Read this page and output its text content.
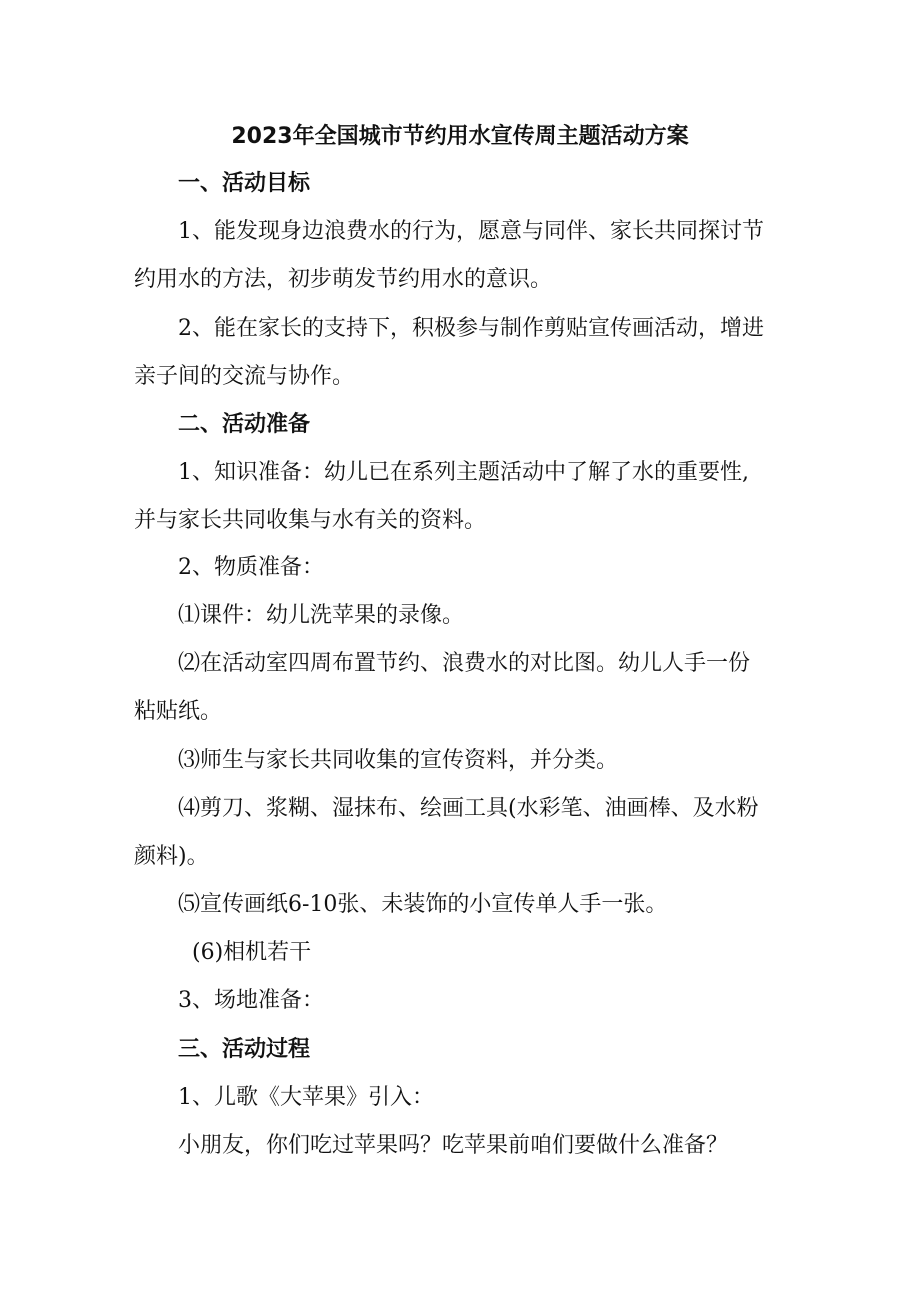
2023年全国城市节约用水宣传周主题活动方案
一、活动目标
1、能发现身边浪费水的行为，愿意与同伴、家长共同探讨节
约用水的方法，初步萌发节约用水的意识。
2、能在家长的支持下，积极参与制作剪贴宣传画活动，增进
亲子间的交流与协作。
二、活动准备
1、知识准备：幼儿已在系列主题活动中了解了水的重要性,
并与家长共同收集与水有关的资料。
2、物质准备：
⑴课件：幼儿洗苹果的录像。
⑵在活动室四周布置节约、浪费水的对比图。幼儿人手一份
粘贴纸。
⑶师生与家长共同收集的宣传资料，并分类。
⑷剪刀、浆糊、湿抹布、绘画工具(水彩笔、油画棒、及水粉
颜料)。
⑸宣传画纸6-10张、未装饰的小宣传单人手一张。
(6)相机若干
3、场地准备：
三、活动过程
1、儿歌《大苹果》引入：
小朋友，你们吃过苹果吗？吃苹果前咱们要做什么准备？
